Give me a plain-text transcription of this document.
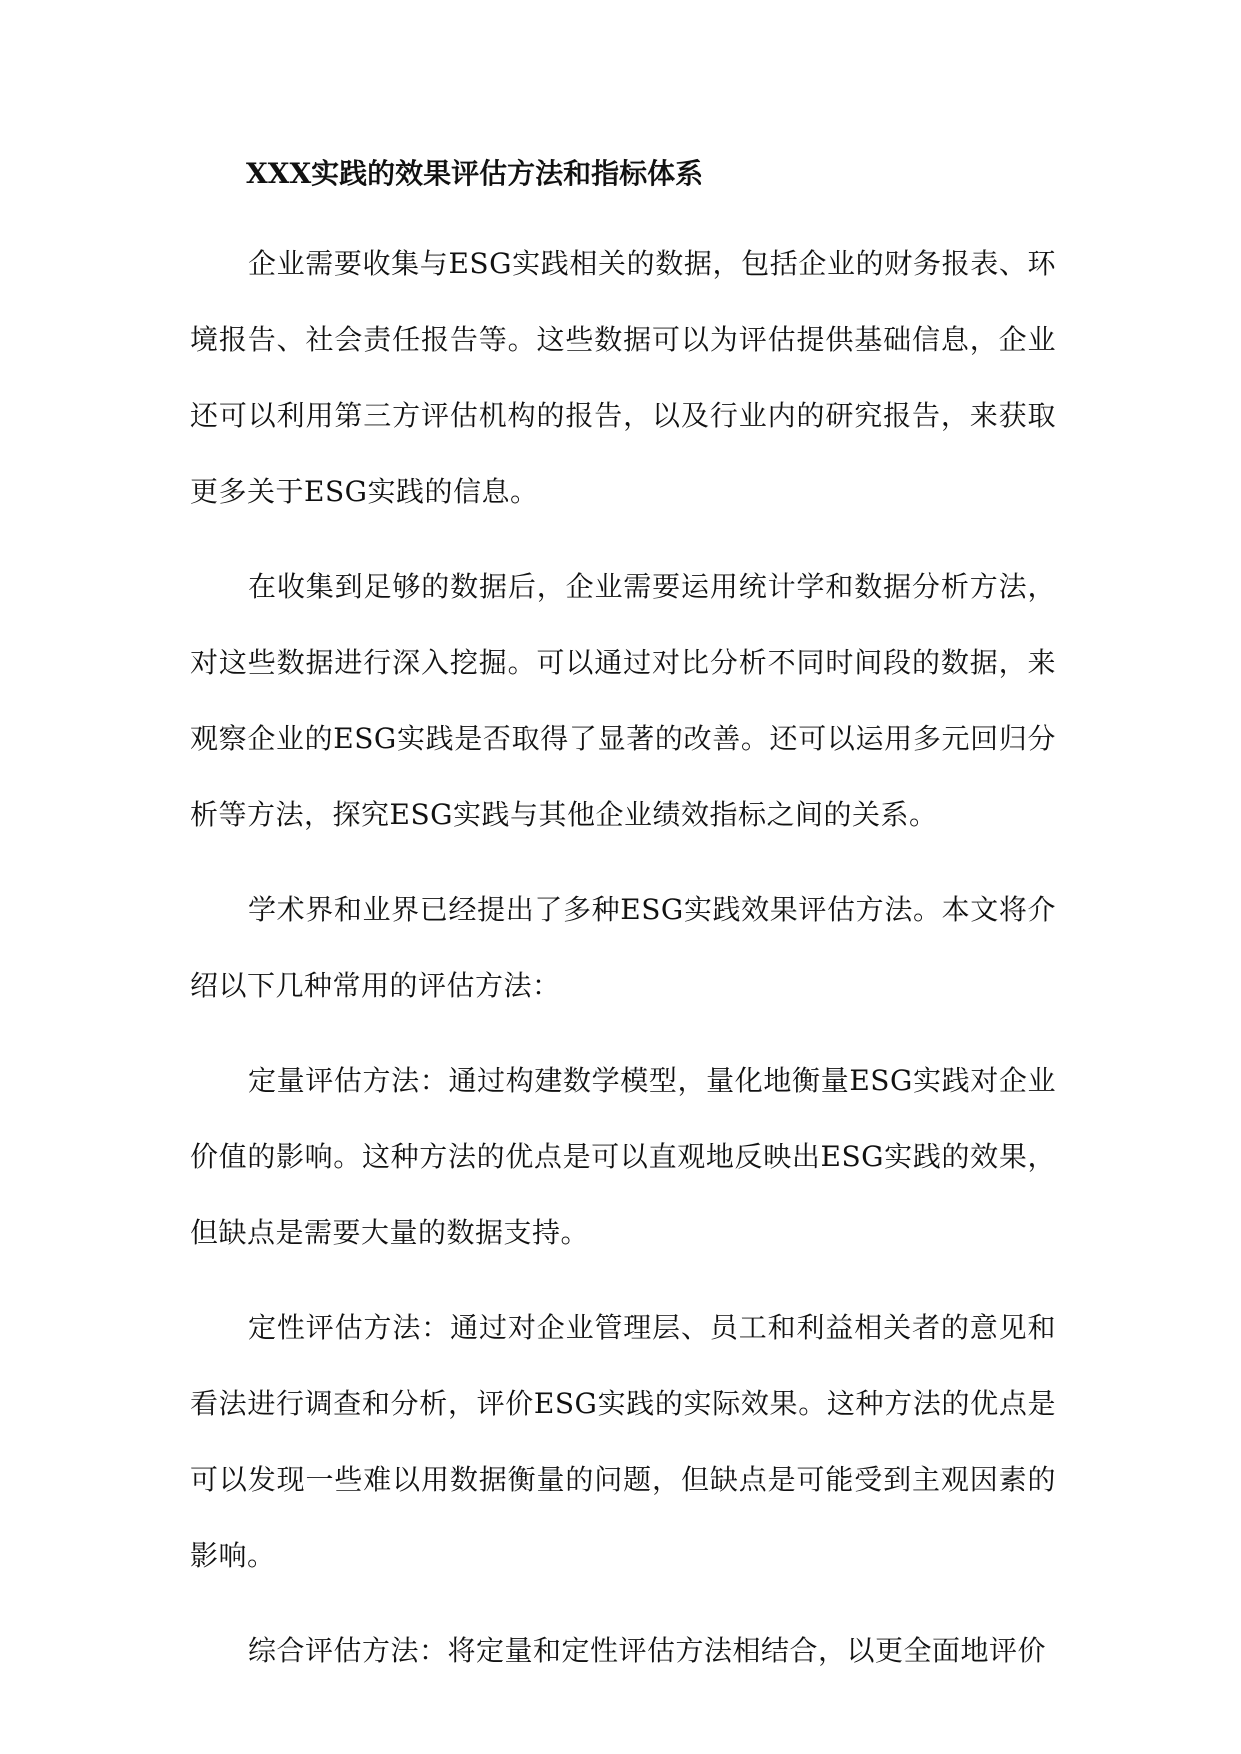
XXX实践的效果评估方法和指标体系

企业需要收集与ESG实践相关的数据，包括企业的财务报表、环境报告、社会责任报告等。这些数据可以为评估提供基础信息，企业还可以利用第三方评估机构的报告，以及行业内的研究报告，来获取更多关于ESG实践的信息。

在收集到足够的数据后，企业需要运用统计学和数据分析方法，对这些数据进行深入挖掘。可以通过对比分析不同时间段的数据，来观察企业的ESG实践是否取得了显著的改善。还可以运用多元回归分析等方法，探究ESG实践与其他企业绩效指标之间的关系。

学术界和业界已经提出了多种ESG实践效果评估方法。本文将介绍以下几种常用的评估方法：

定量评估方法：通过构建数学模型，量化地衡量ESG实践对企业价值的影响。这种方法的优点是可以直观地反映出ESG实践的效果，但缺点是需要大量的数据支持。

定性评估方法：通过对企业管理层、员工和利益相关者的意见和看法进行调查和分析，评价ESG实践的实际效果。这种方法的优点是可以发现一些难以用数据衡量的问题，但缺点是可能受到主观因素的影响。

综合评估方法：将定量和定性评估方法相结合，以更全面地评价
